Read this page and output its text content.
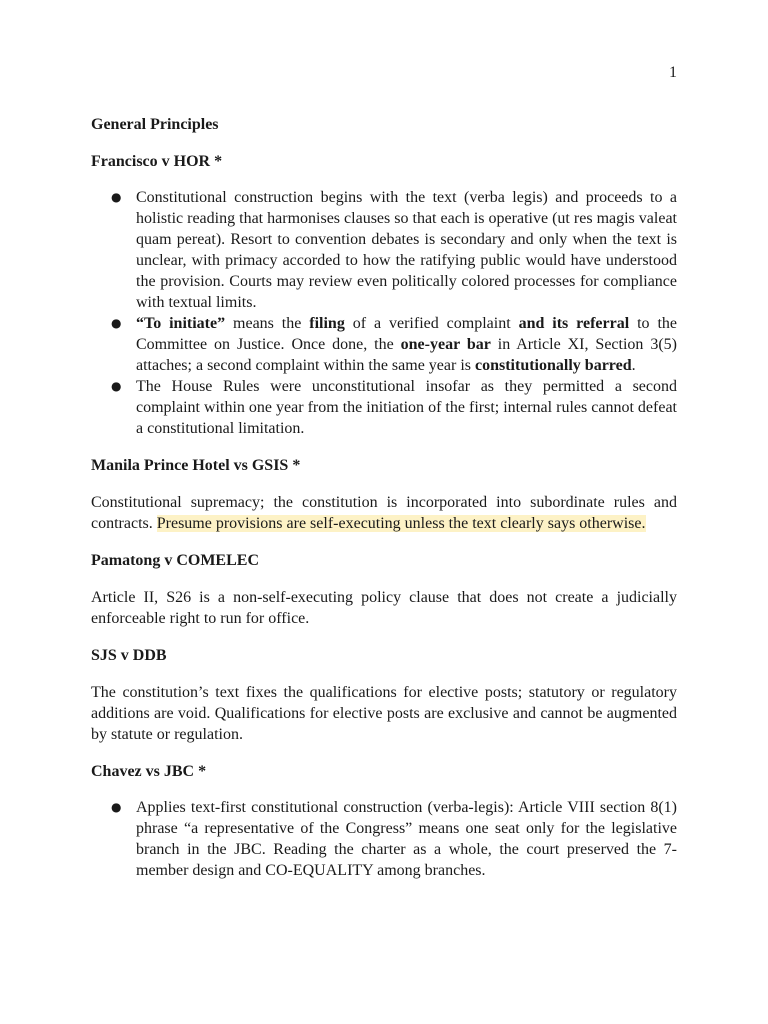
1

General Principles

Francisco v HOR *

● Constitutional construction begins with the text (verba legis) and proceeds to a holistic reading that harmonises clauses so that each is operative (ut res magis valeat quam pereat). Resort to convention debates is secondary and only when the text is unclear, with primacy accorded to how the ratifying public would have understood the provision. Courts may review even politically colored processes for compliance with textual limits.
● “To initiate” means the filing of a verified complaint and its referral to the Committee on Justice. Once done, the one-year bar in Article XI, Section 3(5) attaches; a second complaint within the same year is constitutionally barred.
● The House Rules were unconstitutional insofar as they permitted a second complaint within one year from the initiation of the first; internal rules cannot defeat a constitutional limitation.

Manila Prince Hotel vs GSIS *

Constitutional supremacy; the constitution is incorporated into subordinate rules and contracts. Presume provisions are self-executing unless the text clearly says otherwise.

Pamatong v COMELEC

Article II, S26 is a non-self-executing policy clause that does not create a judicially enforceable right to run for office.

SJS v DDB

The constitution’s text fixes the qualifications for elective posts; statutory or regulatory additions are void. Qualifications for elective posts are exclusive and cannot be augmented by statute or regulation.

Chavez vs JBC *

● Applies text-first constitutional construction (verba-legis): Article VIII section 8(1) phrase “a representative of the Congress” means one seat only for the legislative branch in the JBC. Reading the charter as a whole, the court preserved the 7-member design and CO-EQUALITY among branches.
